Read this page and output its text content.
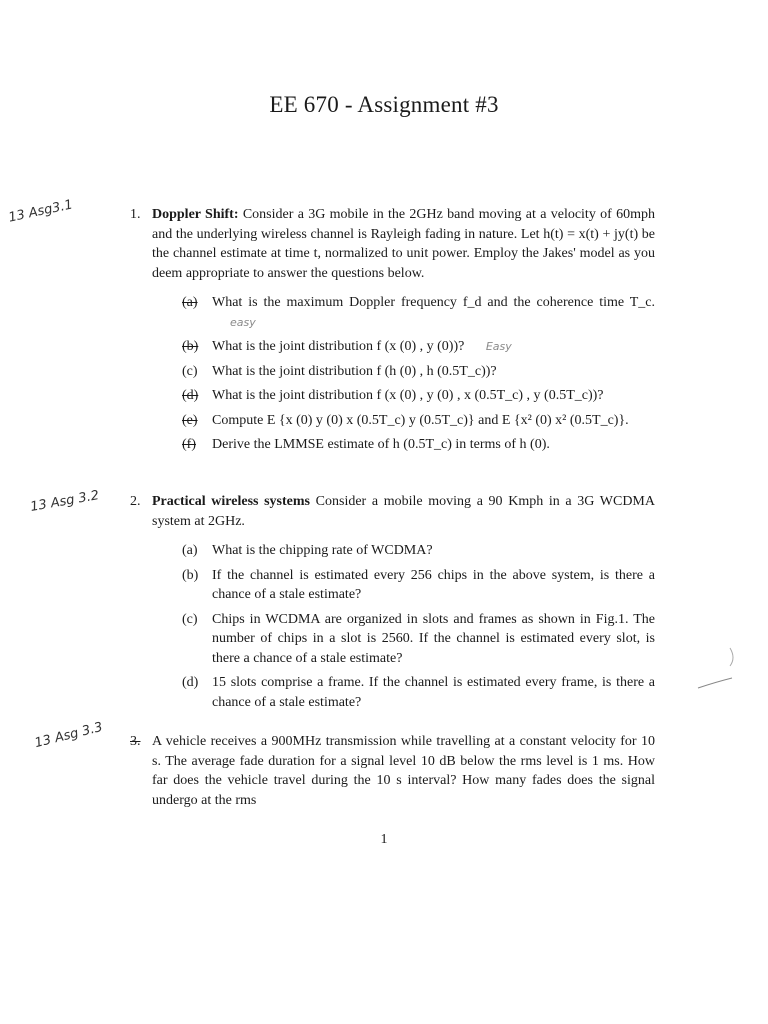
EE 670 - Assignment #3
13 Asg3.1
13 Asg 3.2
13 Asg 3.3
1. Doppler Shift: Consider a 3G mobile in the 2GHz band moving at a velocity of 60mph and the underlying wireless channel is Rayleigh fading in nature. Let h(t) = x(t) + jy(t) be the channel estimate at time t, normalized to unit power. Employ the Jakes' model as you deem appropriate to answer the questions below.
(a) What is the maximum Doppler frequency f_d and the coherence time T_c. easy
(b) What is the joint distribution f (x (0) , y (0))? Easy
(c) What is the joint distribution f (h (0) , h (0.5T_c))?
(d) What is the joint distribution f (x (0) , y (0) , x (0.5T_c) , y (0.5T_c))?
(e) Compute E {x (0) y (0) x (0.5T_c) y (0.5T_c)} and E {x² (0) x² (0.5T_c)}.
(f) Derive the LMMSE estimate of h (0.5T_c) in terms of h (0).
2. Practical wireless systems Consider a mobile moving a 90 Kmph in a 3G WCDMA system at 2GHz.
(a) What is the chipping rate of WCDMA?
(b) If the channel is estimated every 256 chips in the above system, is there a chance of a stale estimate?
(c) Chips in WCDMA are organized in slots and frames as shown in Fig.1. The number of chips in a slot is 2560. If the channel is estimated every slot, is there a chance of a stale estimate?
(d) 15 slots comprise a frame. If the channel is estimated every frame, is there a chance of a stale estimate?
3. A vehicle receives a 900MHz transmission while travelling at a constant velocity for 10 s. The average fade duration for a signal level 10 dB below the rms level is 1 ms. How far does the vehicle travel during the 10 s interval? How many fades does the signal undergo at the rms
1
